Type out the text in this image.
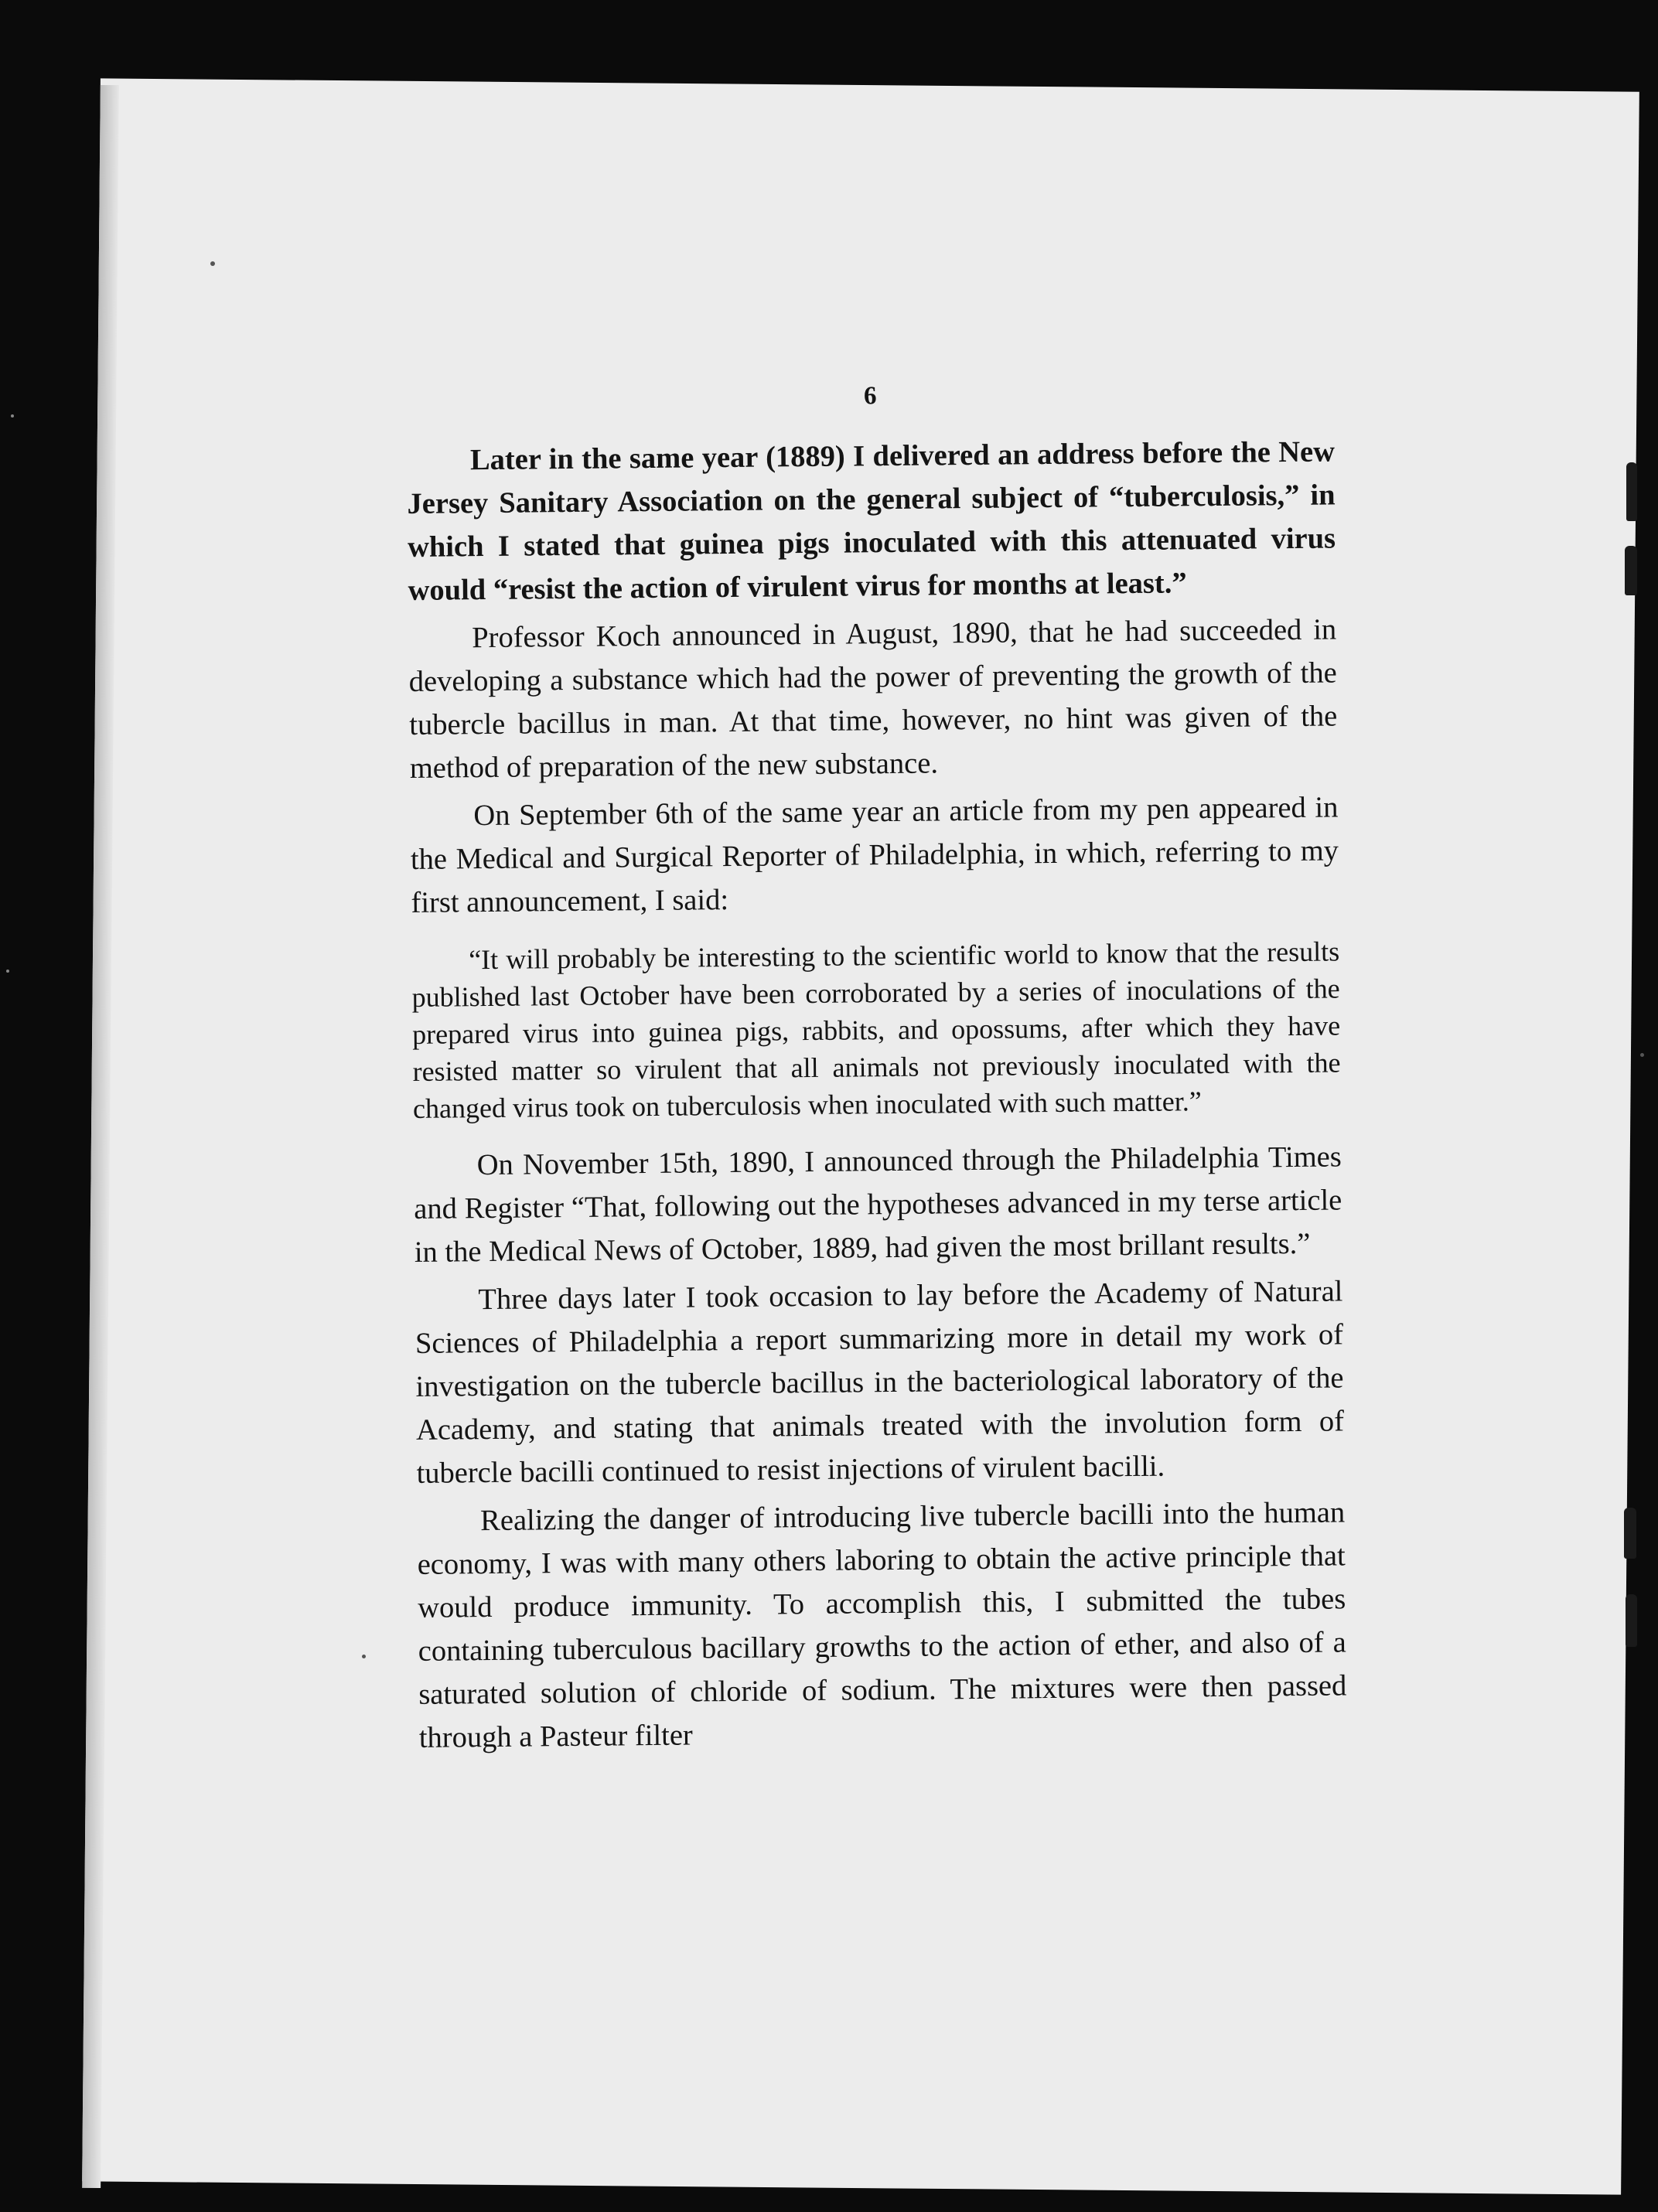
6

Later in the same year (1889) I delivered an address before the New Jersey Sanitary Association on the general subject of “tuberculosis,” in which I stated that guinea pigs inoculated with this attenuated virus would “resist the action of virulent virus for months at least.”

Professor Koch announced in August, 1890, that he had succeeded in developing a substance which had the power of preventing the growth of the tubercle bacillus in man. At that time, however, no hint was given of the method of preparation of the new substance.

On September 6th of the same year an article from my pen appeared in the Medical and Surgical Reporter of Philadelphia, in which, referring to my first announcement, I said:

“It will probably be interesting to the scientific world to know that the results published last October have been corroborated by a series of inoculations of the prepared virus into guinea pigs, rabbits, and opossums, after which they have resisted matter so virulent that all animals not previously inoculated with the changed virus took on tuberculosis when inoculated with such matter.”

On November 15th, 1890, I announced through the Philadelphia Times and Register “That, following out the hypotheses advanced in my terse article in the Medical News of October, 1889, had given the most brillant results.”

Three days later I took occasion to lay before the Academy of Natural Sciences of Philadelphia a report summarizing more in detail my work of investigation on the tubercle bacillus in the bacteriological laboratory of the Academy, and stating that animals treated with the involution form of tubercle bacilli continued to resist injections of virulent bacilli.

Realizing the danger of introducing live tubercle bacilli into the human economy, I was with many others laboring to obtain the active principle that would produce immunity. To accomplish this, I submitted the tubes containing tuberculous bacillary growths to the action of ether, and also of a saturated solution of chloride of sodium. The mixtures were then passed through a Pasteur filter
